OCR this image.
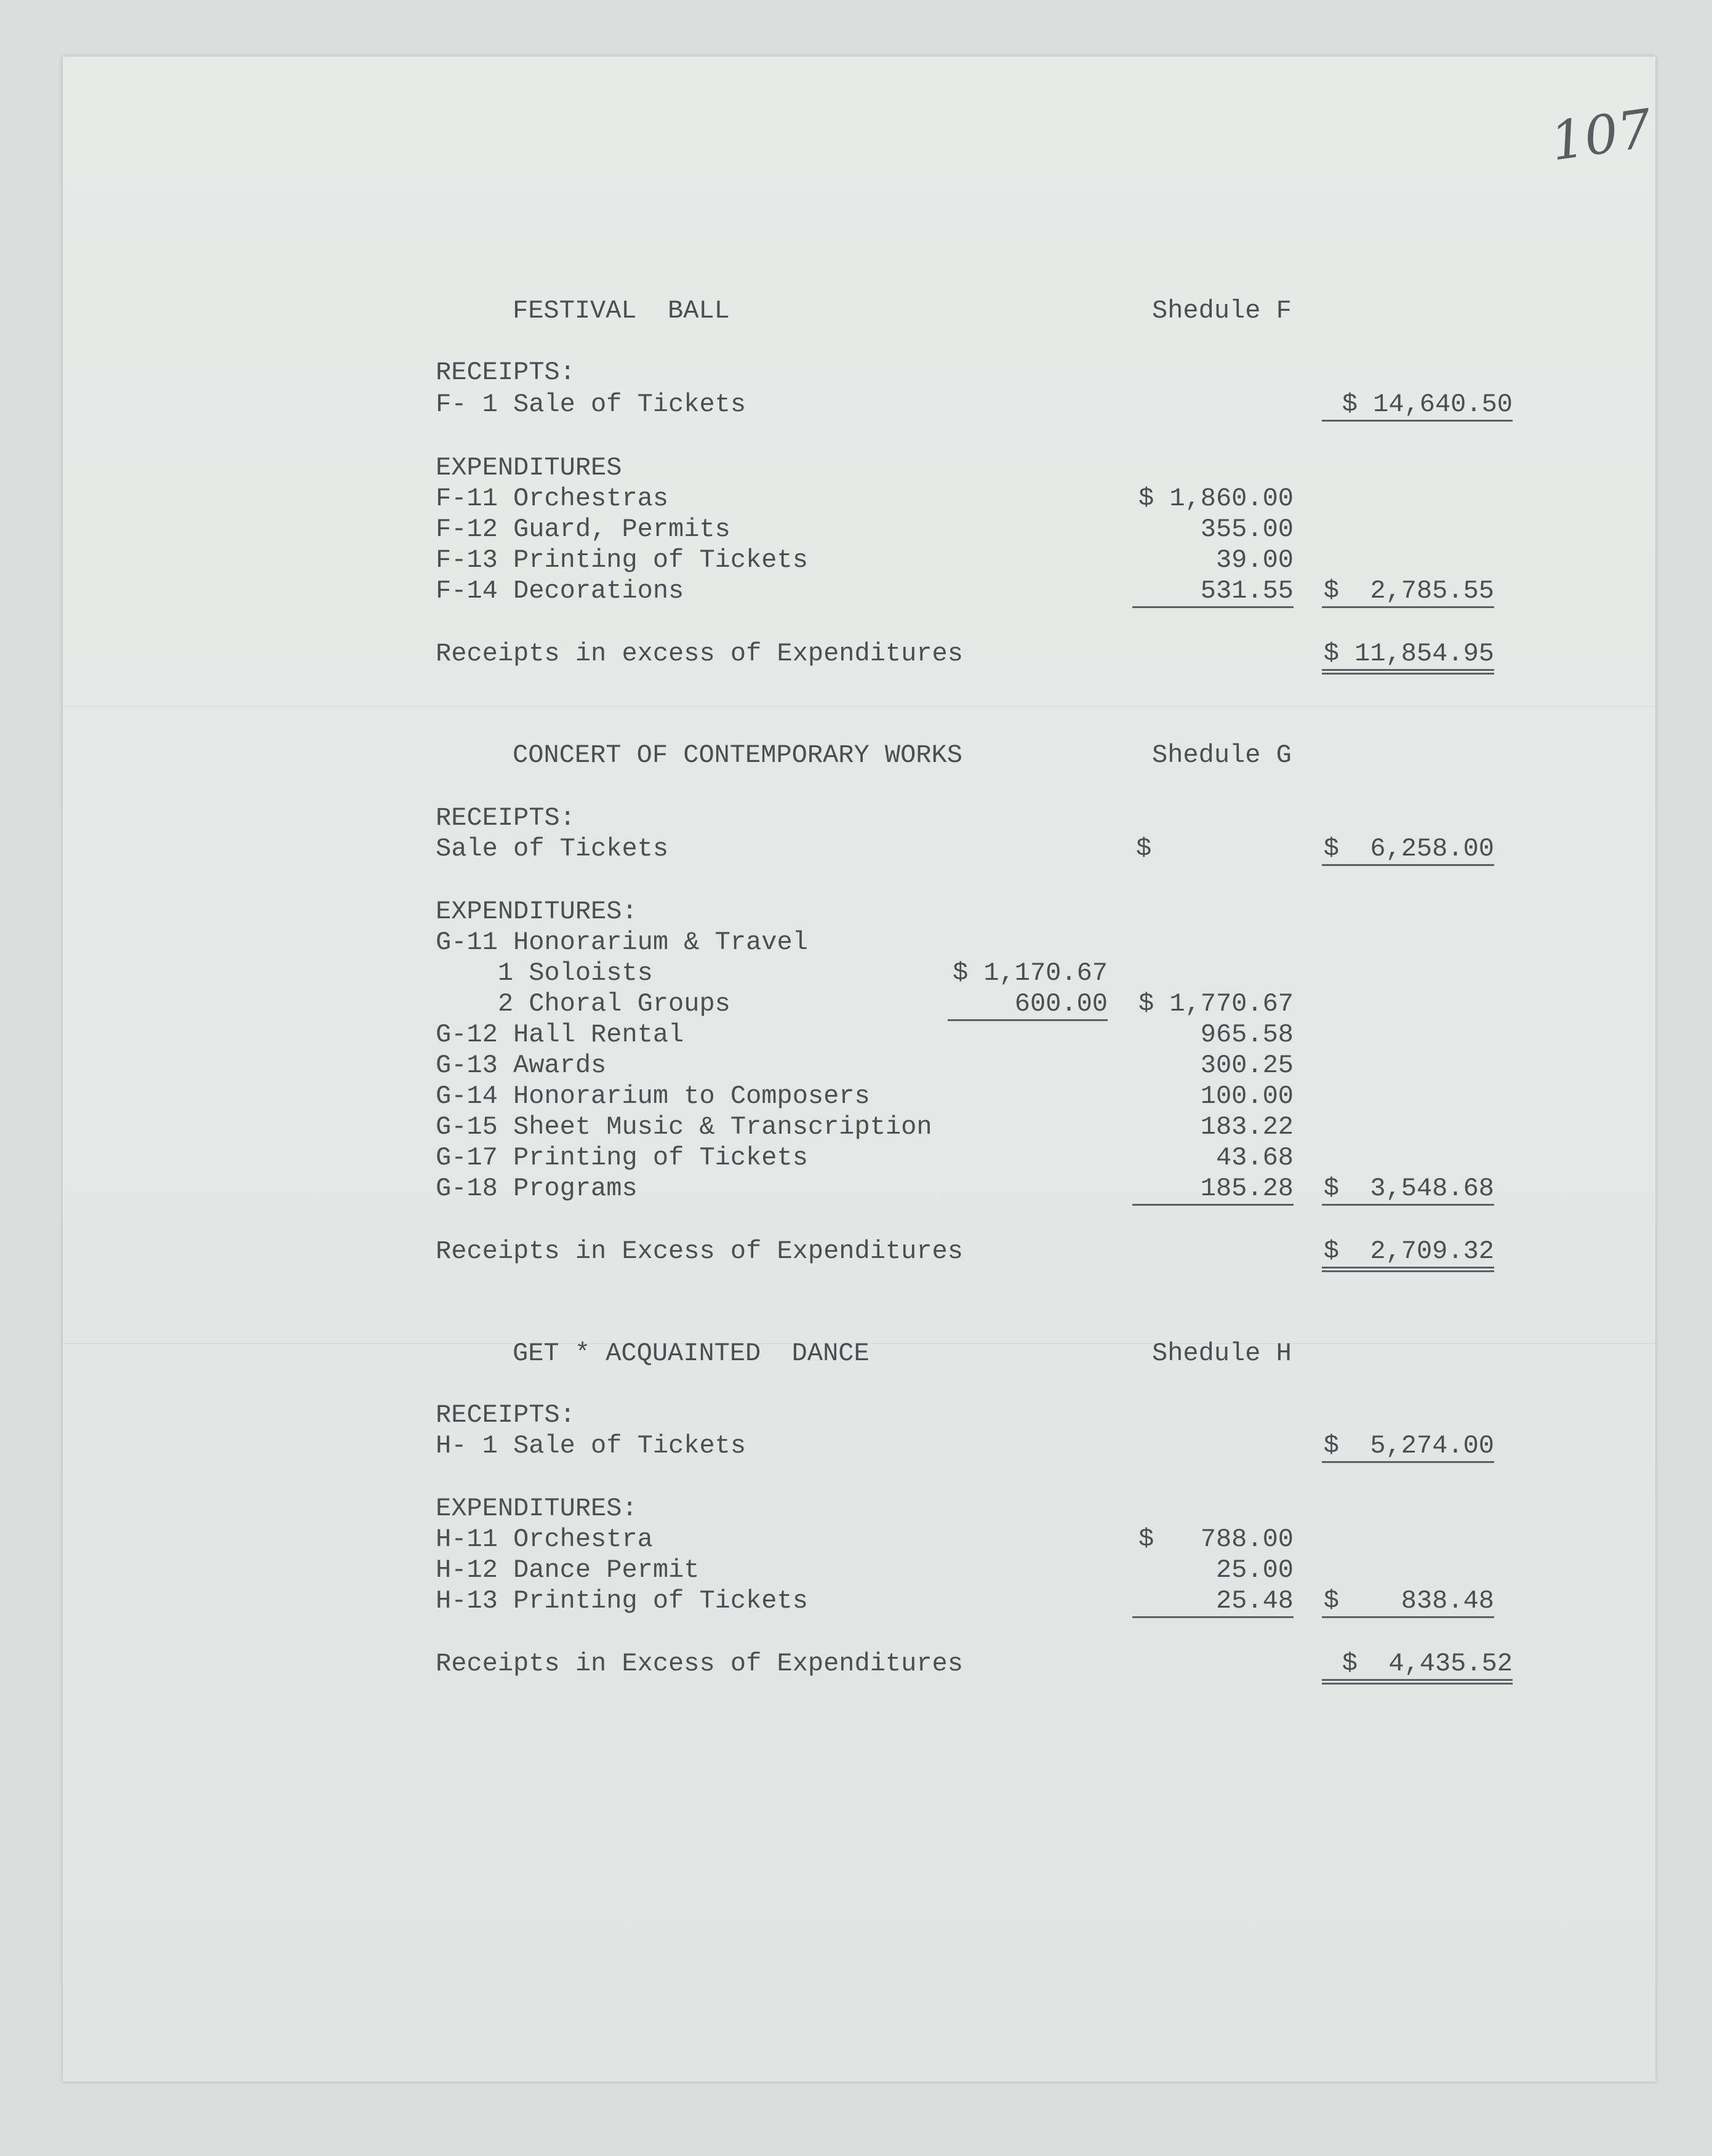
107
FESTIVAL  BALL	Shedule F
RECEIPTS:
F- 1 Sale of Tickets	$ 14,640.50
EXPENDITURES
F-11 Orchestras	$ 1,860.00
F-12 Guard, Permits	355.00
F-13 Printing of Tickets	39.00
F-14 Decorations	531.55 $  2,785.55
Receipts in excess of Expenditures	$ 11,854.95
CONCERT OF CONTEMPORARY WORKS	Shedule G
RECEIPTS:
Sale of Tickets	$	$  6,258.00
EXPENDITURES:
G-11 Honorarium & Travel
1 Soloists	$ 1,170.67
2 Choral Groups	600.00 $ 1,770.67
G-12 Hall Rental	965.58
G-13 Awards	300.25
G-14 Honorarium to Composers	100.00
G-15 Sheet Music & Transcription	183.22
G-17 Printing of Tickets	43.68
G-18 Programs	185.28 $  3,548.68
Receipts in Excess of Expenditures	$  2,709.32
GET * ACQUAINTED  DANCE	Shedule H
RECEIPTS:
H- 1 Sale of Tickets	$  5,274.00
EXPENDITURES:
H-11 Orchestra	$   788.00
H-12 Dance Permit	25.00
H-13 Printing of Tickets	25.48 $    838.48
Receipts in Excess of Expenditures	$  4,435.52
